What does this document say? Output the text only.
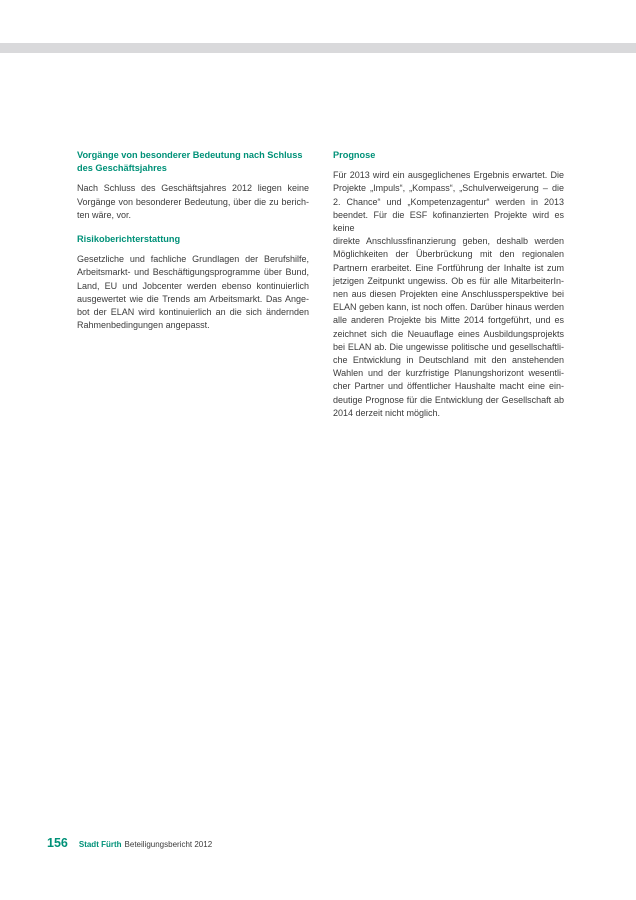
Vorgänge von besonderer Bedeutung nach Schluss
des Geschäftsjahres
Nach Schluss des Geschäftsjahres 2012 liegen keine
Vorgänge von besonderer Bedeutung, über die zu berich-
ten wäre, vor.
Risikoberichterstattung
Gesetzliche und fachliche Grundlagen der Berufshilfe,
Arbeitsmarkt- und Beschäftigungsprogramme über Bund,
Land, EU und Jobcenter werden ebenso kontinuierlich
ausgewertet wie die Trends am Arbeitsmarkt. Das Ange-
bot der ELAN wird kontinuierlich an die sich ändernden
Rahmenbedingungen angepasst.
Prognose
Für 2013 wird ein ausgeglichenes Ergebnis erwartet. Die
Projekte „Impuls“, „Kompass“, „Schulverweigerung – die
2. Chance“ und „Kompetenzagentur“ werden in 2013
beendet. Für die ESF kofinanzierten Projekte wird es keine
direkte Anschlussfinanzierung geben, deshalb werden
Möglichkeiten der Überbrückung mit den regionalen
Partnern erarbeitet. Eine Fortführung der Inhalte ist zum
jetzigen Zeitpunkt ungewiss. Ob es für alle MitarbeiterIn-
nen aus diesen Projekten eine Anschlussperspektive bei
ELAN geben kann, ist noch offen. Darüber hinaus werden
alle anderen Projekte bis Mitte 2014 fortgeführt, und es
zeichnet sich die Neuauflage eines Ausbildungsprojekts
bei ELAN ab. Die ungewisse politische und gesellschaftli-
che Entwicklung in Deutschland mit den anstehenden
Wahlen und der kurzfristige Planungshorizont wesentli-
cher Partner und öffentlicher Haushalte macht eine ein-
deutige Prognose für die Entwicklung der Gesellschaft ab
2014 derzeit nicht möglich.
156 Stadt Fürth Beteiligungsbericht 2012
